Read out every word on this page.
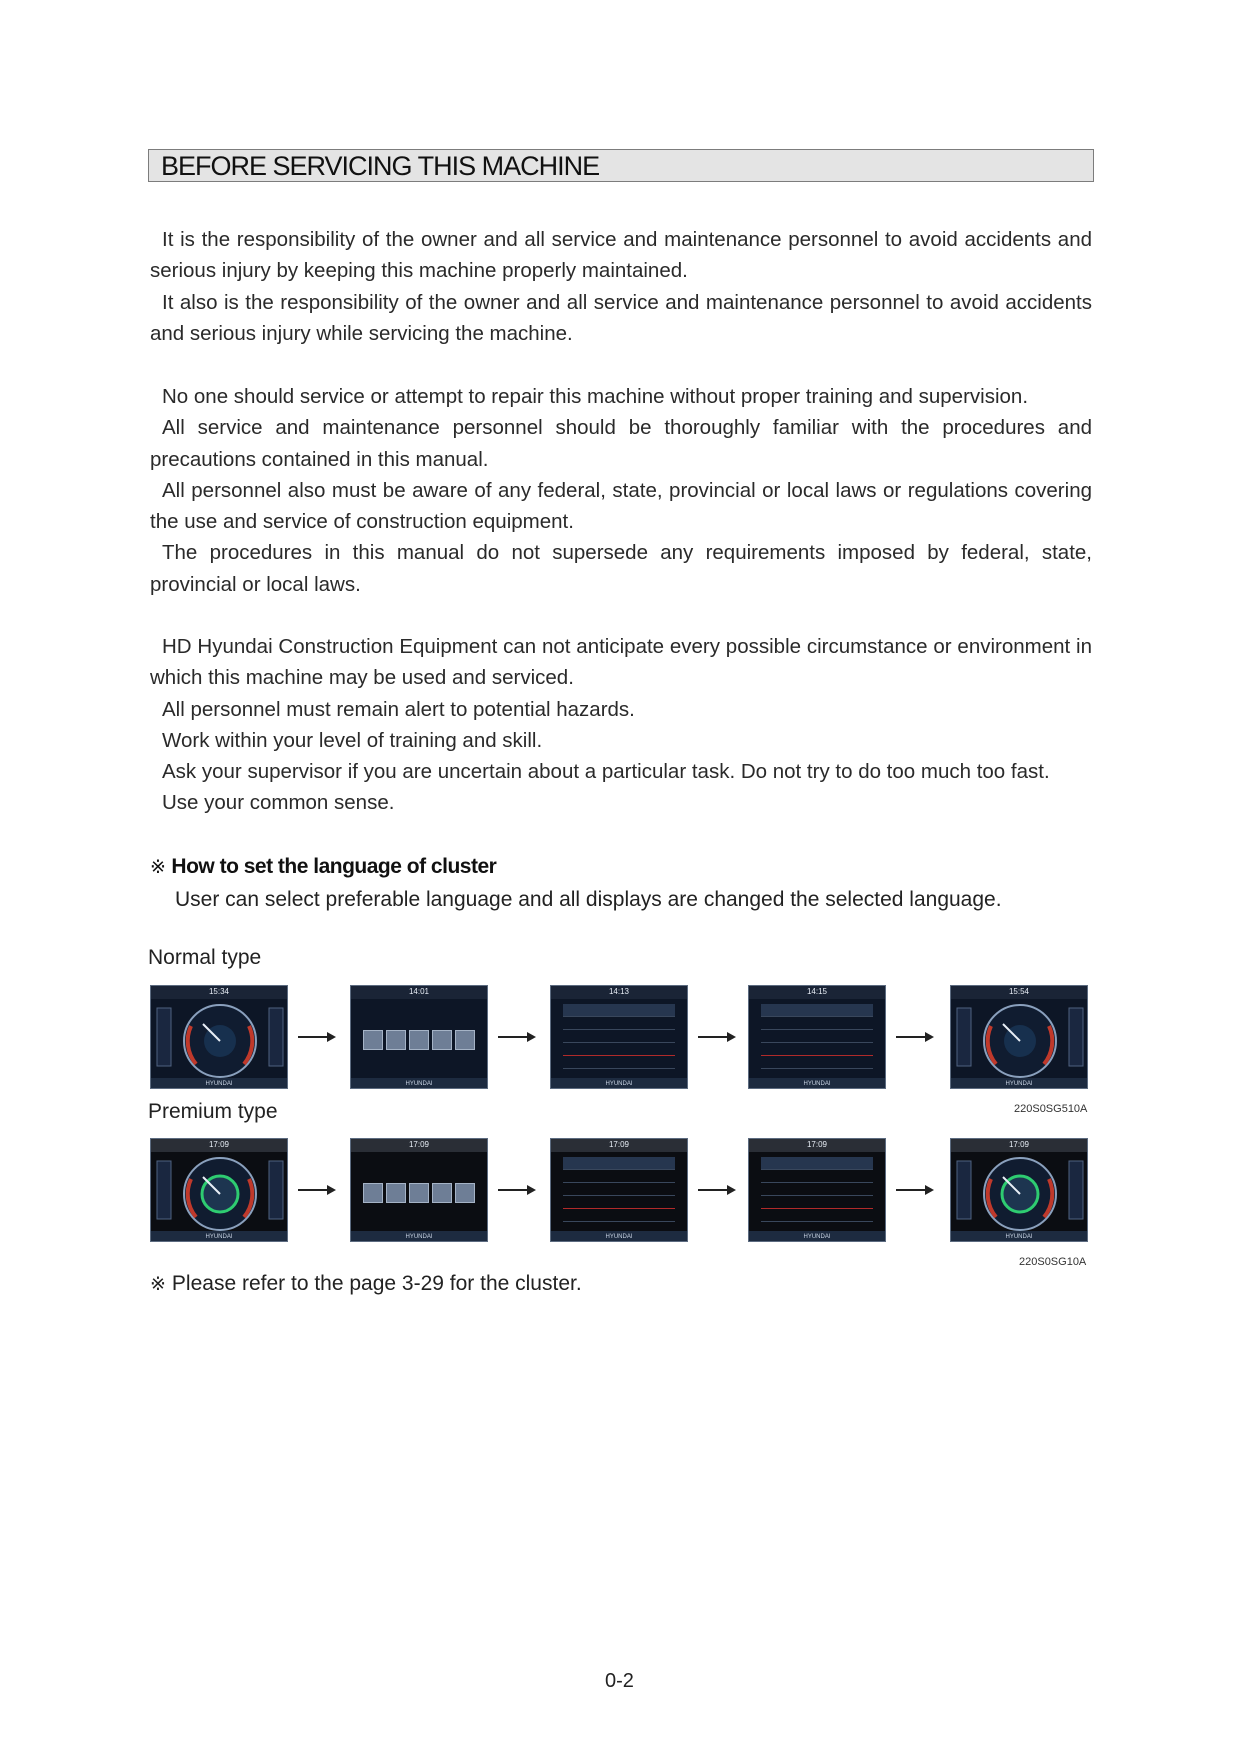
BEFORE SERVICING THIS MACHINE

It is the responsibility of the owner and all service and maintenance personnel to avoid accidents and serious injury by keeping this machine properly maintained.

It also is the responsibility of the owner and all service and maintenance personnel to avoid accidents and serious injury while servicing the machine.

No one should service or attempt to repair this machine without proper training and supervision.

All service and maintenance personnel should be thoroughly familiar with the procedures and precautions contained in this manual.

All personnel also must be aware of any federal, state, provincial or local laws or regulations covering the use and service of construction equipment.

The procedures in this manual do not supersede any requirements imposed by federal, state, provincial or local laws.

HD Hyundai Construction Equipment can not anticipate every possible circumstance or environment in which this machine may be used and serviced.

All personnel must remain alert to potential hazards.

Work within your level of training and skill.

Ask your supervisor if you are uncertain about a particular task. Do not try to do too much too fast.

Use your common sense.

※ How to set the language of cluster
User can select preferable language and all displays are changed the selected language.
Normal type
220S0SG510A
Premium type
220S0SG10A
15:34
HYUNDAI
14:01
HYUNDAI
14:13
HYUNDAI
14:15
HYUNDAI
15:54
HYUNDAI
17:09
HYUNDAI
17:09
HYUNDAI
17:09
HYUNDAI
17:09
HYUNDAI
17:09
HYUNDAI
※ Please refer to the page 3-29 for the cluster.
0-2
